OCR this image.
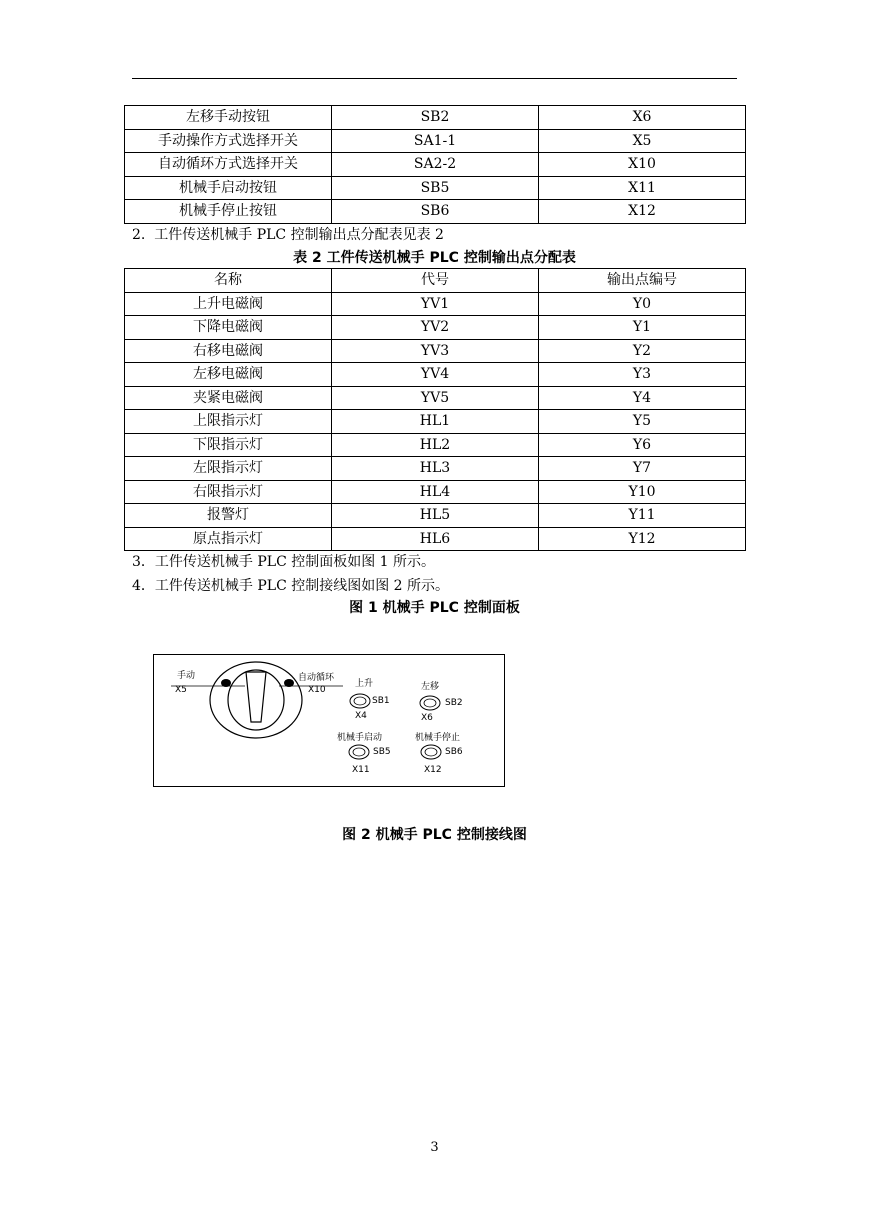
左移手动按钮	SB2	X6
手动操作方式选择开关	SA1-1	X5
自动循环方式选择开关	SA2-2	X10
机械手启动按钮	SB5	X11
机械手停止按钮	SB6	X12
2.  工件传送机械手 PLC 控制输出点分配表见表 2
表 2 工件传送机械手 PLC 控制输出点分配表
名称	代号	输出点编号
上升电磁阀	YV1	Y0
下降电磁阀	YV2	Y1
右移电磁阀	YV3	Y2
左移电磁阀	YV4	Y3
夹紧电磁阀	YV5	Y4
上限指示灯	HL1	Y5
下限指示灯	HL2	Y6
左限指示灯	HL3	Y7
右限指示灯	HL4	Y10
报警灯	HL5	Y11
原点指示灯	HL6	Y12
3．工件传送机械手 PLC 控制面板如图 1 所示。
4．工件传送机械手 PLC 控制接线图如图 2 所示。
图 1 机械手 PLC 控制面板
手动
X5
自动循环
X10
上升
SB1
X4
左移
SB2
X6
机械手启动
SB5
X11
机械手停止
SB6
X12
图 2 机械手 PLC 控制接线图
3
